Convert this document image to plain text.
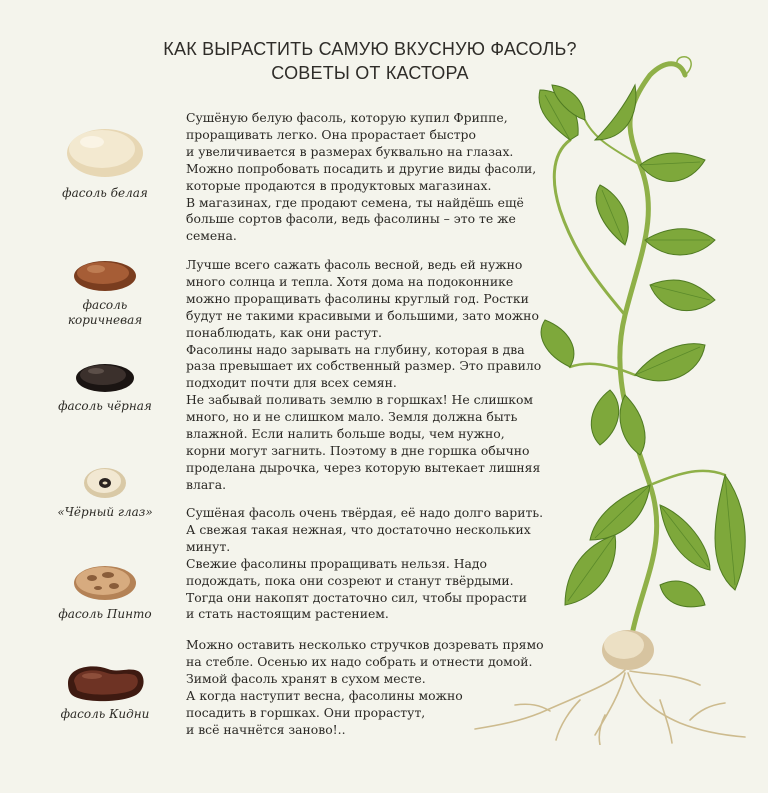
КАК ВЫРАСТИТЬ САМУЮ ВКУСНУЮ ФАСОЛЬ?
СОВЕТЫ ОТ КАСТОРА
фасоль белая
фасоль
коричневая
фасоль чёрная
«Чёрный глаз»
фасоль Пинто
фасоль Кидни
Сушёную белую фасоль, которую купил Фриппе,
проращивать легко. Она прорастает быстро
и увеличивается в размерах буквально на глазах.
Можно попробовать посадить и другие виды фасоли,
которые продаются в продуктовых магазинах.
В магазинах, где продают семена, ты найдёшь ещё
больше сортов фасоли, ведь фасолины – это те же
семена.
Лучше всего сажать фасоль весной, ведь ей нужно
много солнца и тепла. Хотя дома на подоконнике
можно проращивать фасолины круглый год. Ростки
будут не такими красивыми и большими, зато можно
понаблюдать, как они растут.
Фасолины надо зарывать на глубину, которая в два
раза превышает их собственный размер. Это правило
подходит почти для всех семян.
Не забывай поливать землю в горшках! Не слишком
много, но и не слишком мало. Земля должна быть
влажной. Если налить больше воды, чем нужно,
корни могут загнить. Поэтому в дне горшка обычно
проделана дырочка, через которую вытекает лишняя
влага.
Сушёная фасоль очень твёрдая, её надо долго варить.
А свежая такая нежная, что достаточно нескольких
минут.
Свежие фасолины проращивать нельзя. Надо
подождать, пока они созреют и станут твёрдыми.
Тогда они накопят достаточно сил, чтобы прорасти
и стать настоящим растением.
Можно оставить несколько стручков дозревать прямо
на стебле. Осенью их надо собрать и отнести домой.
Зимой фасоль хранят в сухом месте.
А когда наступит весна, фасолины можно
посадить в горшках. Они прорастут,
и всё начнётся заново!..
